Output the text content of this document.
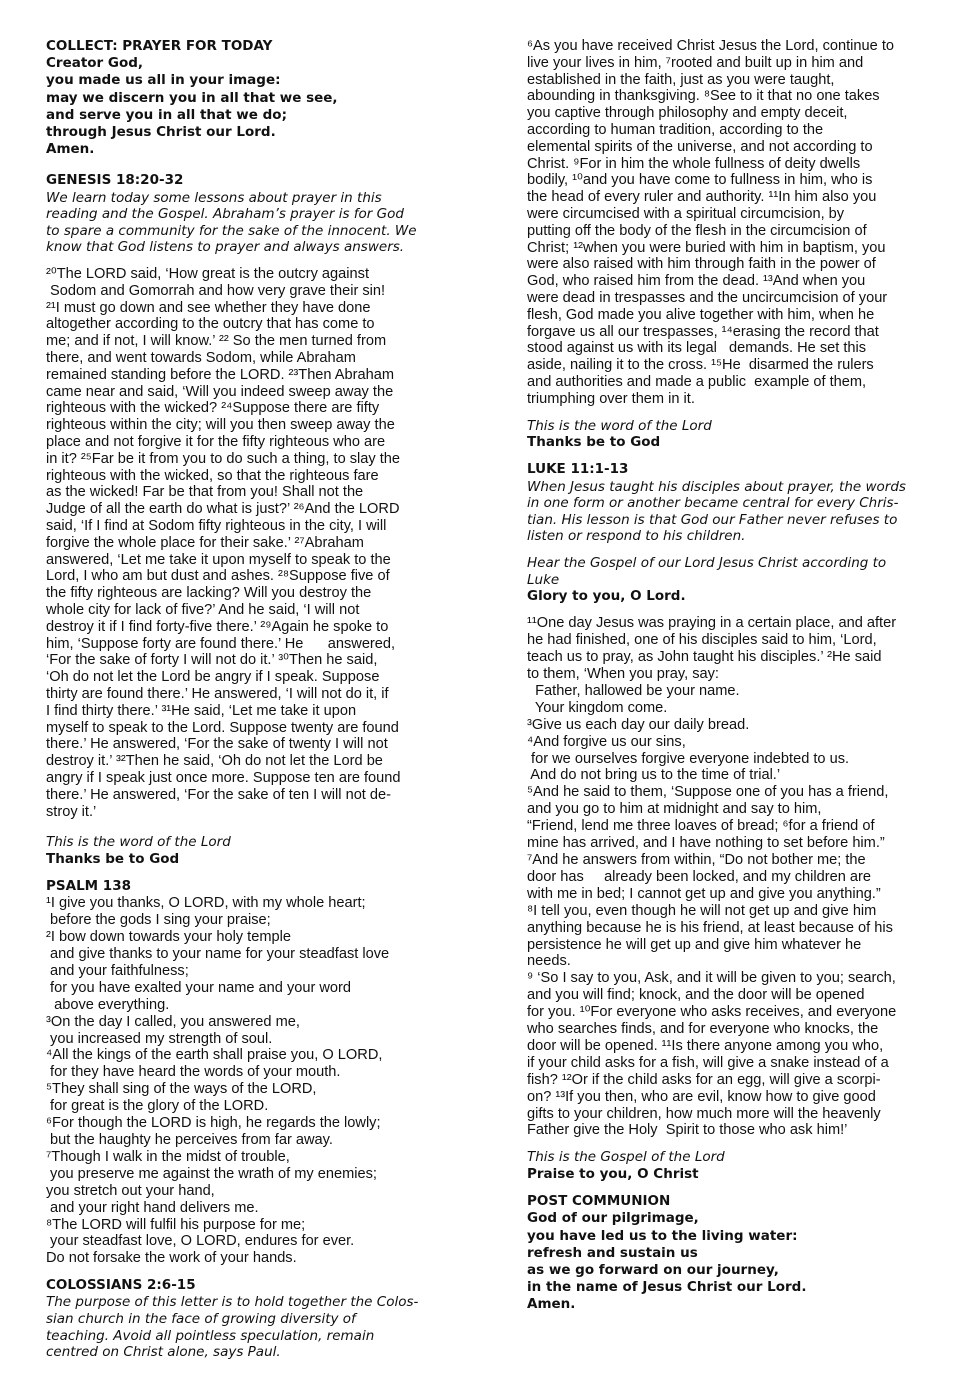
COLLECT: PRAYER FOR TODAY
Creator God,
you made us all in your image:
may we discern you in all that we see,
and serve you in all that we do;
through Jesus Christ our Lord.
Amen.
GENESIS 18:20-32
We learn today some lessons about prayer in this
reading and the Gospel. Abraham’s prayer is for God
to spare a community for the sake of the innocent. We
know that God listens to prayer and always answers.
²⁰The LORD said, ‘How great is the outcry against
Sodom and Gomorrah and how very grave their sin!
²¹I must go down and see whether they have done
altogether according to the outcry that has come to
me; and if not, I will know.’ ²² So the men turned from
there, and went towards Sodom, while Abraham
remained standing before the LORD. ²³Then Abraham
came near and said, ‘Will you indeed sweep away the
righteous with the wicked? ²⁴Suppose there are fifty
righteous within the city; will you then sweep away the
place and not forgive it for the fifty righteous who are
in it? ²⁵Far be it from you to do such a thing, to slay the
righteous with the wicked, so that the righteous fare
as the wicked! Far be that from you! Shall not the
Judge of all the earth do what is just?’ ²⁶And the LORD
said, ‘If I find at Sodom fifty righteous in the city, I will
forgive the whole place for their sake.’ ²⁷Abraham
answered, ‘Let me take it upon myself to speak to the
Lord, I who am but dust and ashes. ²⁸Suppose five of
the fifty righteous are lacking? Will you destroy the
whole city for lack of five?’ And he said, ‘I will not
destroy it if I find forty-five there.’ ²⁹Again he spoke to
him, ‘Suppose forty are found there.’ He      answered,
‘For the sake of forty I will not do it.’ ³⁰Then he said,
‘Oh do not let the Lord be angry if I speak. Suppose
thirty are found there.’ He answered, ‘I will not do it, if
I find thirty there.’ ³¹He said, ‘Let me take it upon
myself to speak to the Lord. Suppose twenty are found
there.’ He answered, ‘For the sake of twenty I will not
destroy it.’ ³²Then he said, ‘Oh do not let the Lord be
angry if I speak just once more. Suppose ten are found
there.’ He answered, ‘For the sake of ten I will not de-
stroy it.’
This is the word of the Lord
Thanks be to God
PSALM 138
¹I give you thanks, O LORD, with my whole heart;
before the gods I sing your praise;
²I bow down towards your holy temple
and give thanks to your name for your steadfast love
and your faithfulness;
for you have exalted your name and your word
above everything.
³On the day I called, you answered me,
you increased my strength of soul.
⁴All the kings of the earth shall praise you, O LORD,
for they have heard the words of your mouth.
⁵They shall sing of the ways of the LORD,
for great is the glory of the LORD.
⁶For though the LORD is high, he regards the lowly;
but the haughty he perceives from far away.
⁷Though I walk in the midst of trouble,
you preserve me against the wrath of my enemies;
you stretch out your hand,
and your right hand delivers me.
⁸The LORD will fulfil his purpose for me;
your steadfast love, O LORD, endures for ever.
Do not forsake the work of your hands.
COLOSSIANS 2:6-15
The purpose of this letter is to hold together the Colos-
sian church in the face of growing diversity of
teaching. Avoid all pointless speculation, remain
centred on Christ alone, says Paul.
⁶As you have received Christ Jesus the Lord, continue to
live your lives in him, ⁷rooted and built up in him and
established in the faith, just as you were taught,
abounding in thanksgiving. ⁸See to it that no one takes
you captive through philosophy and empty deceit,
according to human tradition, according to the
elemental spirits of the universe, and not according to
Christ. ⁹For in him the whole fullness of deity dwells
bodily, ¹⁰and you have come to fullness in him, who is
the head of every ruler and authority. ¹¹In him also you
were circumcised with a spiritual circumcision, by
putting off the body of the flesh in the circumcision of
Christ; ¹²when you were buried with him in baptism, you
were also raised with him through faith in the power of
God, who raised him from the dead. ¹³And when you
were dead in trespasses and the uncircumcision of your
flesh, God made you alive together with him, when he
forgave us all our trespasses, ¹⁴erasing the record that
stood against us with its legal   demands. He set this
aside, nailing it to the cross. ¹⁵He  disarmed the rulers
and authorities and made a public  example of them,
triumphing over them in it.
This is the word of the Lord
Thanks be to God
LUKE 11:1-13
When Jesus taught his disciples about prayer, the words
in one form or another became central for every Chris-
tian. His lesson is that God our Father never refuses to
listen or respond to his children.
Hear the Gospel of our Lord Jesus Christ according to
Luke
Glory to you, O Lord.
¹¹One day Jesus was praying in a certain place, and after
he had finished, one of his disciples said to him, ‘Lord,
teach us to pray, as John taught his disciples.’ ²He said
to them, ‘When you pray, say:
Father, hallowed be your name.
Your kingdom come.
³Give us each day our daily bread.
⁴And forgive us our sins,
for we ourselves forgive everyone indebted to us.
And do not bring us to the time of trial.’
⁵And he said to them, ‘Suppose one of you has a friend,
and you go to him at midnight and say to him,
“Friend, lend me three loaves of bread; ⁶for a friend of
mine has arrived, and I have nothing to set before him.”
⁷And he answers from within, “Do not bother me; the
door has     already been locked, and my children are
with me in bed; I cannot get up and give you anything.”
⁸I tell you, even though he will not get up and give him
anything because he is his friend, at least because of his
persistence he will get up and give him whatever he
needs.
⁹ ‘So I say to you, Ask, and it will be given to you; search,
and you will find; knock, and the door will be opened
for you. ¹⁰For everyone who asks receives, and everyone
who searches finds, and for everyone who knocks, the
door will be opened. ¹¹Is there anyone among you who,
if your child asks for a fish, will give a snake instead of a
fish? ¹²Or if the child asks for an egg, will give a scorpi-
on? ¹³If you then, who are evil, know how to give good
gifts to your children, how much more will the heavenly
Father give the Holy  Spirit to those who ask him!’
This is the Gospel of the Lord
Praise to you, O Christ
POST COMMUNION
God of our pilgrimage,
you have led us to the living water:
refresh and sustain us
as we go forward on our journey,
in the name of Jesus Christ our Lord.
Amen.
